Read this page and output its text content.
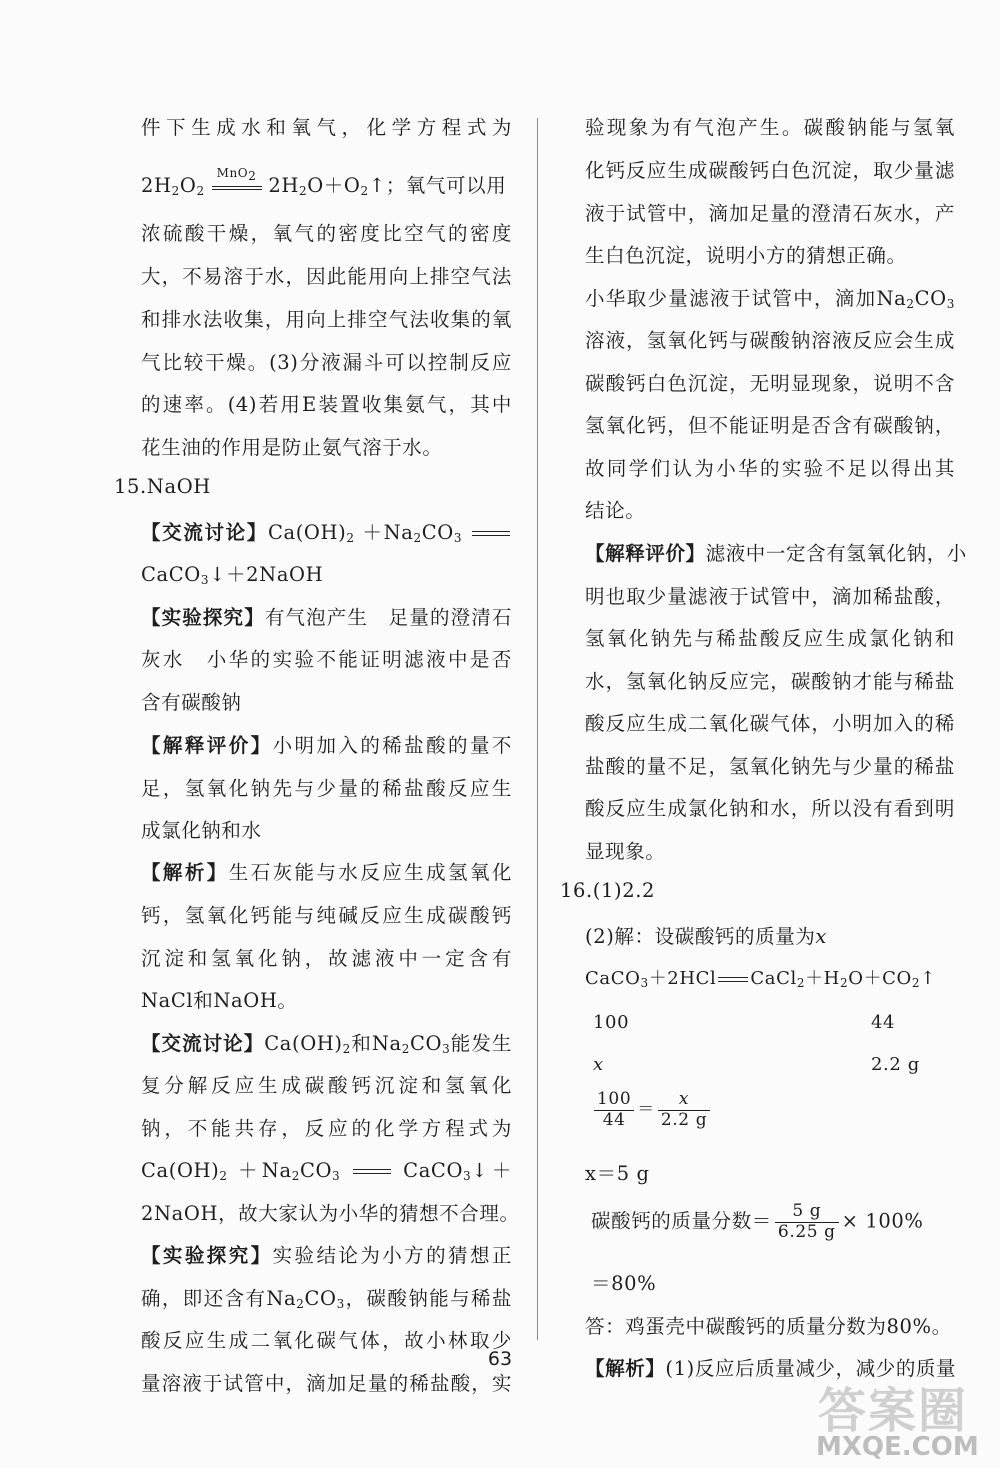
件下生成水和氧气，化学方程式为
$2H_2O_2$
MnO$_2$ $2H_2O+O_2↑$；氧气可以用
浓硫酸干燥，氧气的密度比空气的密度
大，不易溶于水，因此能用向上排空气法
和排水法收集，用向上排空气法收集的氧
气比较干燥。(3)分液漏斗可以控制反应
的速率。(4)若用E装置收集氨气，其中
花生油的作用是防止氨气溶于水。
15.NaOH
【交流讨论】$Ca(OH)_2 +Na_2CO_3$
CaCO$_3$↓＋2NaOH
【实验探究】有气泡产生　足量的澄清石
灰水　小华的实验不能证明滤液中是否
含有碳酸钠
【解释评价】小明加入的稀盐酸的量不
足，氢氧化钠先与少量的稀盐酸反应生
成氯化钠和水
【解析】生石灰能与水反应生成氢氧化
钙，氢氧化钙能与纯碱反应生成碳酸钙
沉淀和氢氧化钠，故滤液中一定含有
NaCl和NaOH。
【交流讨论】$Ca(OH)_2$和$Na_2CO_3$能发生
复分解反应生成碳酸钙沉淀和氢氧化
钠，不能共存，反应的化学方程式为
$Ca(OH)_2 +Na_2CO_3$	CaCO$_3$↓＋
2NaOH，故大家认为小华的猜想不合理。
【实验探究】实验结论为小方的猜想正
确，即还含有$Na_2CO_3$，碳酸钠能与稀盐
酸反应生成二氧化碳气体，故小林取少
量溶液于试管中，滴加足量的稀盐酸，实
验现象为有气泡产生。碳酸钠能与氢氧
化钙反应生成碳酸钙白色沉淀，取少量滤
液于试管中，滴加足量的澄清石灰水，产
生白色沉淀，说明小方的猜想正确。
小华取少量滤液于试管中，滴加$Na_2CO_3$
溶液，氢氧化钙与碳酸钠溶液反应会生成
碳酸钙白色沉淀，无明显现象，说明不含
氢氧化钙，但不能证明是否含有碳酸钠，
故同学们认为小华的实验不足以得出其
结论。
【解释评价】滤液中一定含有氢氧化钠，小
明也取少量滤液于试管中，滴加稀盐酸，
氢氧化钠先与稀盐酸反应生成氯化钠和
水，氢氧化钠反应完，碳酸钠才能与稀盐
酸反应生成二氧化碳气体，小明加入的稀
盐酸的量不足，氢氧化钠先与少量的稀盐
酸反应生成氯化钠和水，所以没有看到明
显现象。
16.(1)2.2
(2)解：设碳酸钙的质量为x
CaCO$_3$＋2HCl $CaCl_2+H_2O+CO_2↑$
100	44
x	2.2 g
$\frac{100}{44} = \frac{x}{2.2 g}$
x＝5 g
碳酸钙的质量分数＝ $\frac{5 g}{6.25 g} \times 100\%$
＝80%
答：鸡蛋壳中碳酸钙的质量分数为80%。
【解析】(1)反应后质量减少，减少的质量
63
答案圈
MXQE.COM
